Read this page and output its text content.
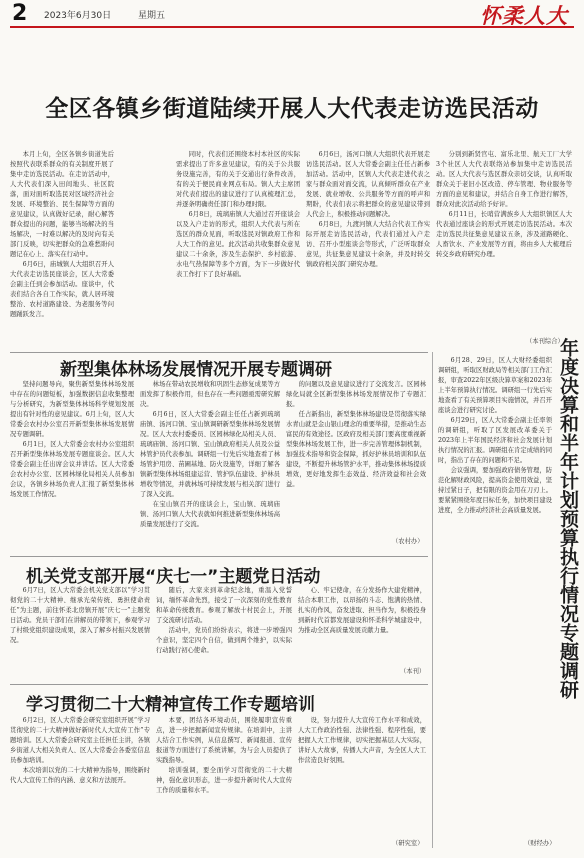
2 2023年6月30日	星期五	怀柔人大
全区各镇乡街道陆续开展人大代表走访选民活动

本月上旬，全区各镇乡街道先后按照代表联系群众的有关制度开展了集中走访选民活动。在走访活动中，人大代表们深入田间地头、社区院落，面对面听取选民对区域经济社会发展、环境整治、民生保障等方面的意见建议，认真做好记录，耐心解答群众提出的问题，能够当场解决的当场解决，一时难以解决的及时向有关部门反映，切实把群众的急难愁盼问题记在心上、落实在行动中。

6月6日，庙城镇人大组织召开人大代表走访选民座谈会，区人大常委会副主任到会参加活动。座谈中，代表们结合各自工作实际，就人居环境整治、农村道路建设、为老服务等问题踊跃发言。

同时，代表们还围绕本村本社区的实际需求提出了许多意见建议，有的关于公共服务设施完善，有的关于交通出行条件改善，有的关于便民商业网点布局。镇人大主席团对代表们提出的建议进行了认真梳理汇总，并逐条明确责任部门和办理时限。

6月8日，琉璃庙镇人大通过召开座谈会以及入户走访的形式，组织人大代表与所在选区的群众见面，听取选民对镇政府工作和人大工作的意见。此次活动共收集群众意见建议二十余条，涉及生态保护、乡村旅游、水电气热保障等多个方面，为下一步做好代表工作打下了良好基础。

6月6日，汤河口镇人大组织代表开展走访选民活动。区人大常委会副主任任占新参加活动。活动中，区镇人大代表走进代表之家与群众面对面交流，认真倾听群众在产业发展、就业增收、公共服务等方面的呼声和期盼，代表们表示将把群众的意见建议带到人代会上，积极推动问题解决。

6月8日，九渡河镇人大结合代表工作实际开展走访选民活动，代表们通过入户走访、召开小型座谈会等形式，广泛听取群众意见，共征集意见建议十余条，并及时转交镇政府相关部门研究办理。

分别到新贤官屯、富乐北里、航天工厂大学3个社区人大代表联络站参加集中走访选民活动。区人大代表与选区群众亲切交谈，认真听取群众关于老旧小区改造、停车管理、物业服务等方面的意见和建议，并结合自身工作进行解答，群众对此次活动给予好评。

6月11日，长哨营满族乡人大组织镇区人大代表通过座谈会的形式开展走访选民活动。本次走访选民共征集意见建议五条，涉及道路硬化、人畜饮水、产业发展等方面，将由乡人大梳理后转交乡政府研究办理。

（本刊综合）
新型集体林场发展情况开展专题调研

坚持问题导向，聚焦新型集体林场发展中存在的问题短板，加强数据信息收集整理与分析研究，为新型集体林场科学规划发展提出有针对性的意见建议。6月上旬，区人大常委会农村办公室召开新型集体林场发展情况专题调研。

6月1日，区人大常委会农村办公室组织召开新型集体林场发展专题座谈会。区人大常委会副主任出席会议并讲话。区人大常委会农村办公室、区园林绿化局相关人员参加会议，各镇乡林场负责人汇报了新型集体林场发展工作情况。

林场在带动农民增收和巩固生态修复成果等方面发挥了积极作用，但也存在一些问题亟需研究解决。

6月6日，区人大常委会副主任任占新到琉璃庙镇、汤河口镇、宝山镇调研新型集体林场发展情况。区人大农村委委员、区园林绿化局相关人员、琉璃庙镇、汤河口镇、宝山镇政府相关人员及公益林管护员代表参加。调研组一行先后实地查看了林场管护用房、苗圃基地、防火设施等，详细了解各镇新型集体林场组建运营、管护队伍建设、护林员增收等情况，并就林场可持续发展与相关部门进行了深入交流。

在宝山镇召开的座谈会上，宝山镇、琉璃庙镇、汤河口镇人大代表就如何推进新型集体林场高质量发展进行了交流。

的问题以及意见建议进行了交流发言。区园林绿化局就全区新型集体林场发展情况作了专题汇报。

任占新指出，新型集体林场建设是贯彻落实绿水青山就是金山银山理念的重要举措，是推动生态富民的有效途径。区政府及相关部门要高度重视新型集体林场发展工作，进一步完善管理体制机制，加强技术指导和资金保障，抓好护林员培训和队伍建设，不断提升林场管护水平，推动集体林场提质增效，更好地发挥生态效益、经济效益和社会效益。

（农村办）
机关党支部开展“庆七一”主题党日活动

6月7日，区人大常委会机关党支部以“学习贯彻党的二十大精神、继承光荣传统、勇担使命责任”为主题，前往怀柔北房镇开展“庆七一”主题党日活动。党员干部们在讲解员的带领下，参观学习了村级党组织建设成果，深入了解乡村振兴发展情况。

随后，大家来到革命纪念地，重温入党誓词，缅怀革命先烈，接受了一次深刻的党性教育和革命传统教育。参观了解放十村民会上，开展了交流研讨活动。

活动中，党员们纷纷表示，将进一步增强四个意识，坚定四个自信，做到两个维护，以实际行动践行初心使命。

心、牢记使命，在分发扬作大建党精神，结合本职工作，以昂扬的斗志、饱满的热情、扎实的作风，奋发进取、担当作为，积极投身到新时代首都发展建设和怀柔科学城建设中，为推动全区高质量发展贡献力量。

（本刊）
学习贯彻二十大精神宣传工作专题培训

6月2日，区人大常委会研究室组织开展“学习贯彻党的二十大精神做好新时代人大宣传工作”专题培训。区人大常委会研究室主任担任主讲，各镇乡街道人大相关负责人、区人大常委会各委室信息员参加培训。

本次培训以党的二十大精神为指导，围绕新时代人大宣传工作的内涵、意义和方法展开。

本要，团结各环境动员，围绕履职宣传重点，进一步把握新闻宣传规律。在培训中，主讲人结合工作实例，从信息撰写、新闻报道、宣传报道等方面进行了系统讲解，为与会人员提供了实践指导。

培训强调，要全面学习贯彻党的二十大精神，强化意识形态，进一步提升新时代人大宣传工作的质量和水平。

设，努力提升人大宣传工作水平和成效，人大工作政治性强、法律性强、程序性强，要把握人大工作规律，切实把握基层人大实际，讲好人大故事，传播人大声音，为全区人大工作营造良好氛围。

（研究室）

6月28、29日，区人大财经委组织调研组，听取区财政局等相关部门工作汇报，审查2022年区级决算草案和2023年上半年预算执行情况。调研组一行先后实地查看了有关预算项目实施情况，并召开座谈会进行研究讨论。

6月29日，区人大常委会副主任率领的调研组，听取了区发展改革委关于2023年上半年国民经济和社会发展计划执行情况的汇报。调研组在肯定成绩的同时，指出了存在的问题和不足。

会议强调，要加强政府债务管理，防范化解财政风险，提高资金使用效益，坚持过紧日子，把有限的资金用在刀刃上。要紧紧围绕年度目标任务，加快项目建设进度，全力推动经济社会高质量发展。 年度决算和半年计划预算执行情况专题调研
（财经办）
